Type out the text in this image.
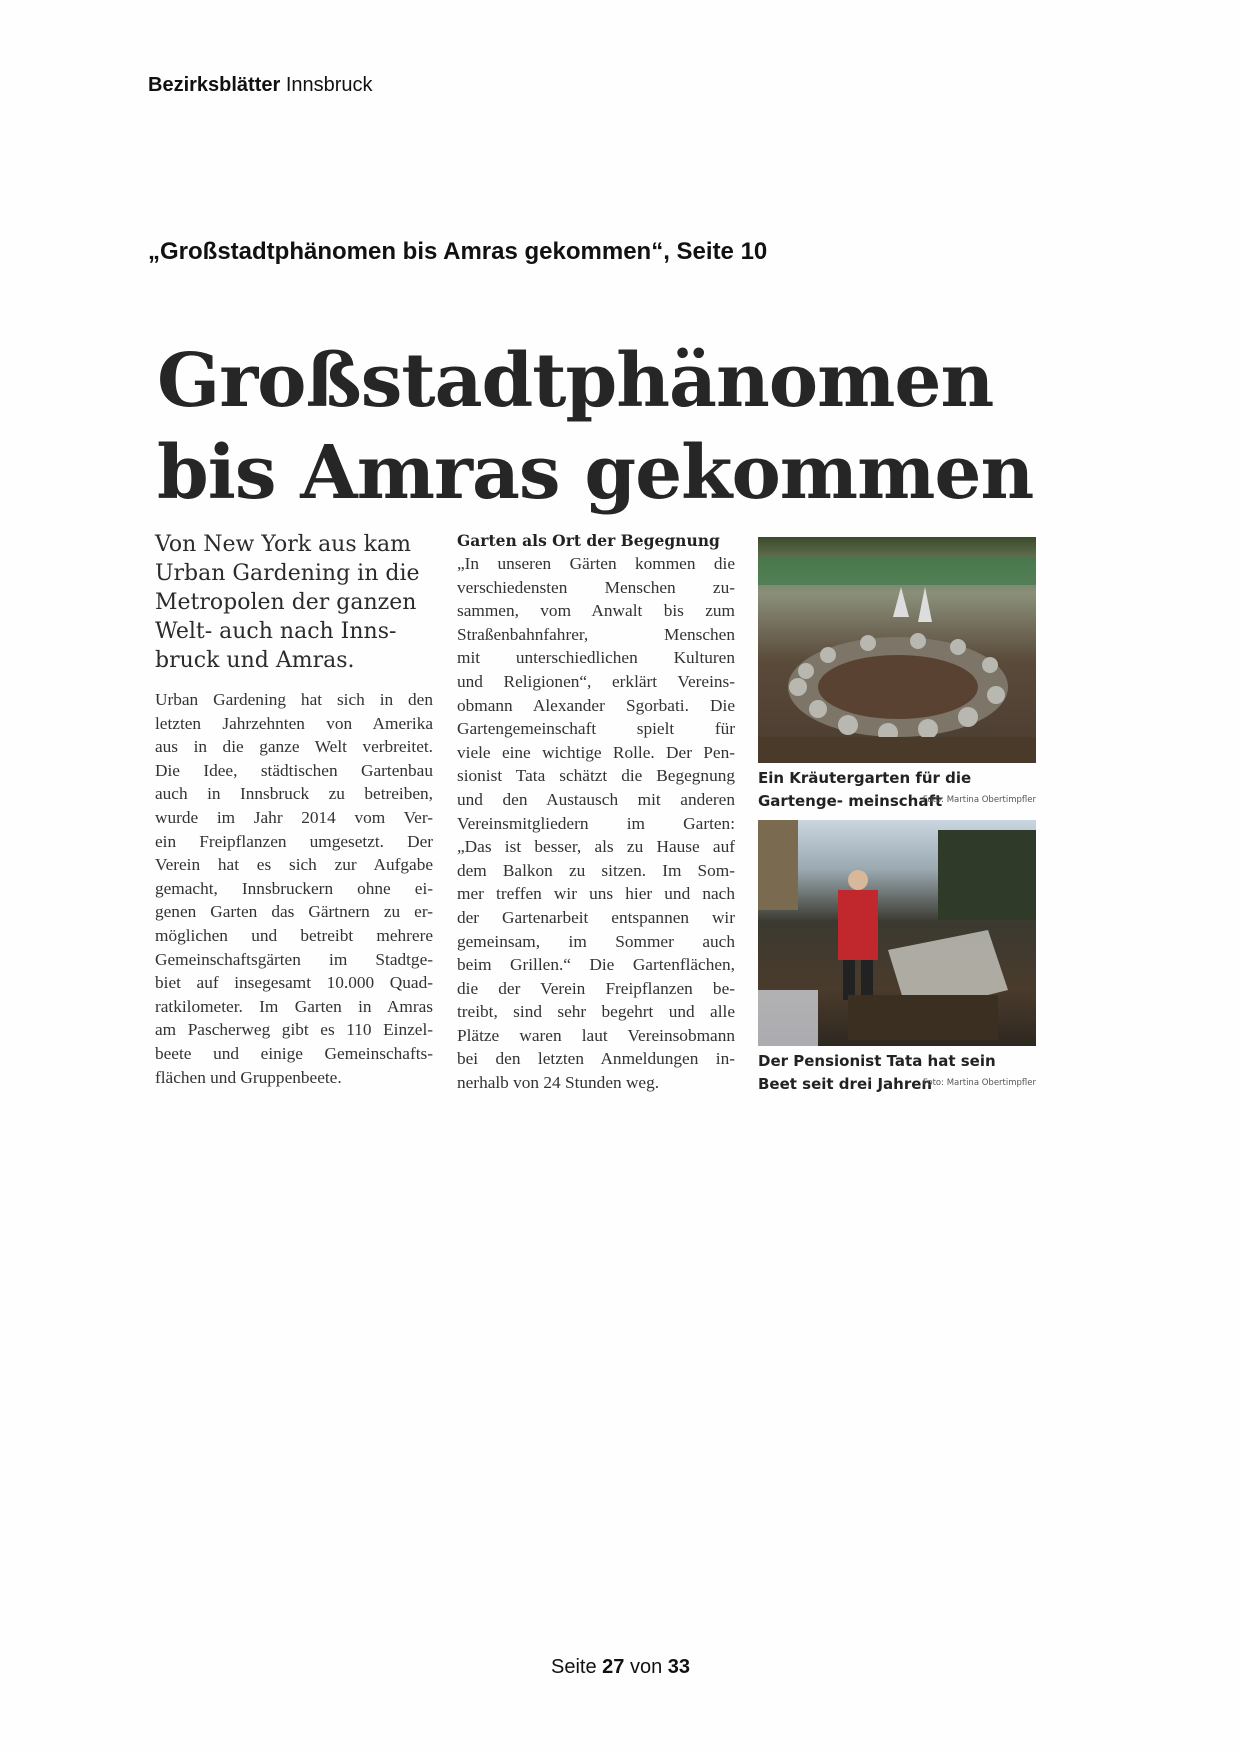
Bezirksblätter Innsbruck
„Großstadtphänomen bis Amras gekommen“, Seite 10
Großstadtphänomen
bis Amras gekommen
Von New York aus kam
Urban Gardening in die
Metropolen der ganzen
Welt- auch nach Inns-
bruck und Amras.
Urban Gardening hat sich in den
letzten Jahrzehnten von Amerika
aus in die ganze Welt verbreitet.
Die Idee, städtischen Gartenbau
auch in Innsbruck zu betreiben,
wurde im Jahr 2014 vom Ver-
ein Freipflanzen umgesetzt. Der
Verein hat es sich zur Aufgabe
gemacht, Innsbruckern ohne ei-
genen Garten das Gärtnern zu er-
möglichen und betreibt mehrere
Gemeinschaftsgärten im Stadtge-
biet auf insegesamt 10.000 Quad-
ratkilometer. Im Garten in Amras
am Pascherweg gibt es 110 Einzel-
beete und einige Gemeinschafts-
flächen und Gruppenbeete.
Garten als Ort der Begegnung
„In unseren Gärten kommen die
verschiedensten Menschen zu-
sammen, vom Anwalt bis zum
Straßenbahnfahrer, Menschen
mit unterschiedlichen Kulturen
und Religionen“, erklärt Vereins-
obmann Alexander Sgorbati. Die
Gartengemeinschaft spielt für
viele eine wichtige Rolle. Der Pen-
sionist Tata schätzt die Begegnung
und den Austausch mit anderen
Vereinsmitgliedern im Garten:
„Das ist besser, als zu Hause auf
dem Balkon zu sitzen. Im Som-
mer treffen wir uns hier und nach
der Gartenarbeit entspannen wir
gemeinsam, im Sommer auch
beim Grillen.“ Die Gartenflächen,
die der Verein Freipflanzen be-
treibt, sind sehr begehrt und alle
Plätze waren laut Vereinsobmann
bei den letzten Anmeldungen in-
nerhalb von 24 Stunden weg.
Ein Kräutergarten für die Gartenge- meinschaft
Foto: Martina Obertimpfler
Der Pensionist Tata hat sein Beet seit drei Jahren
Foto: Martina Obertimpfler
Seite 27 von 33
